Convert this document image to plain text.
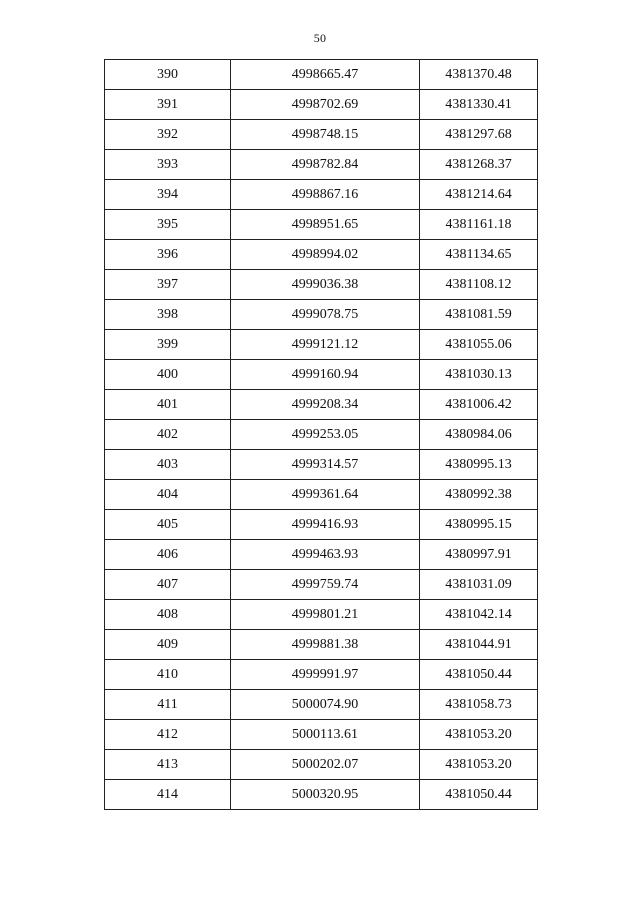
50
390	4998665.47	4381370.48
391	4998702.69	4381330.41
392	4998748.15	4381297.68
393	4998782.84	4381268.37
394	4998867.16	4381214.64
395	4998951.65	4381161.18
396	4998994.02	4381134.65
397	4999036.38	4381108.12
398	4999078.75	4381081.59
399	4999121.12	4381055.06
400	4999160.94	4381030.13
401	4999208.34	4381006.42
402	4999253.05	4380984.06
403	4999314.57	4380995.13
404	4999361.64	4380992.38
405	4999416.93	4380995.15
406	4999463.93	4380997.91
407	4999759.74	4381031.09
408	4999801.21	4381042.14
409	4999881.38	4381044.91
410	4999991.97	4381050.44
411	5000074.90	4381058.73
412	5000113.61	4381053.20
413	5000202.07	4381053.20
414	5000320.95	4381050.44
